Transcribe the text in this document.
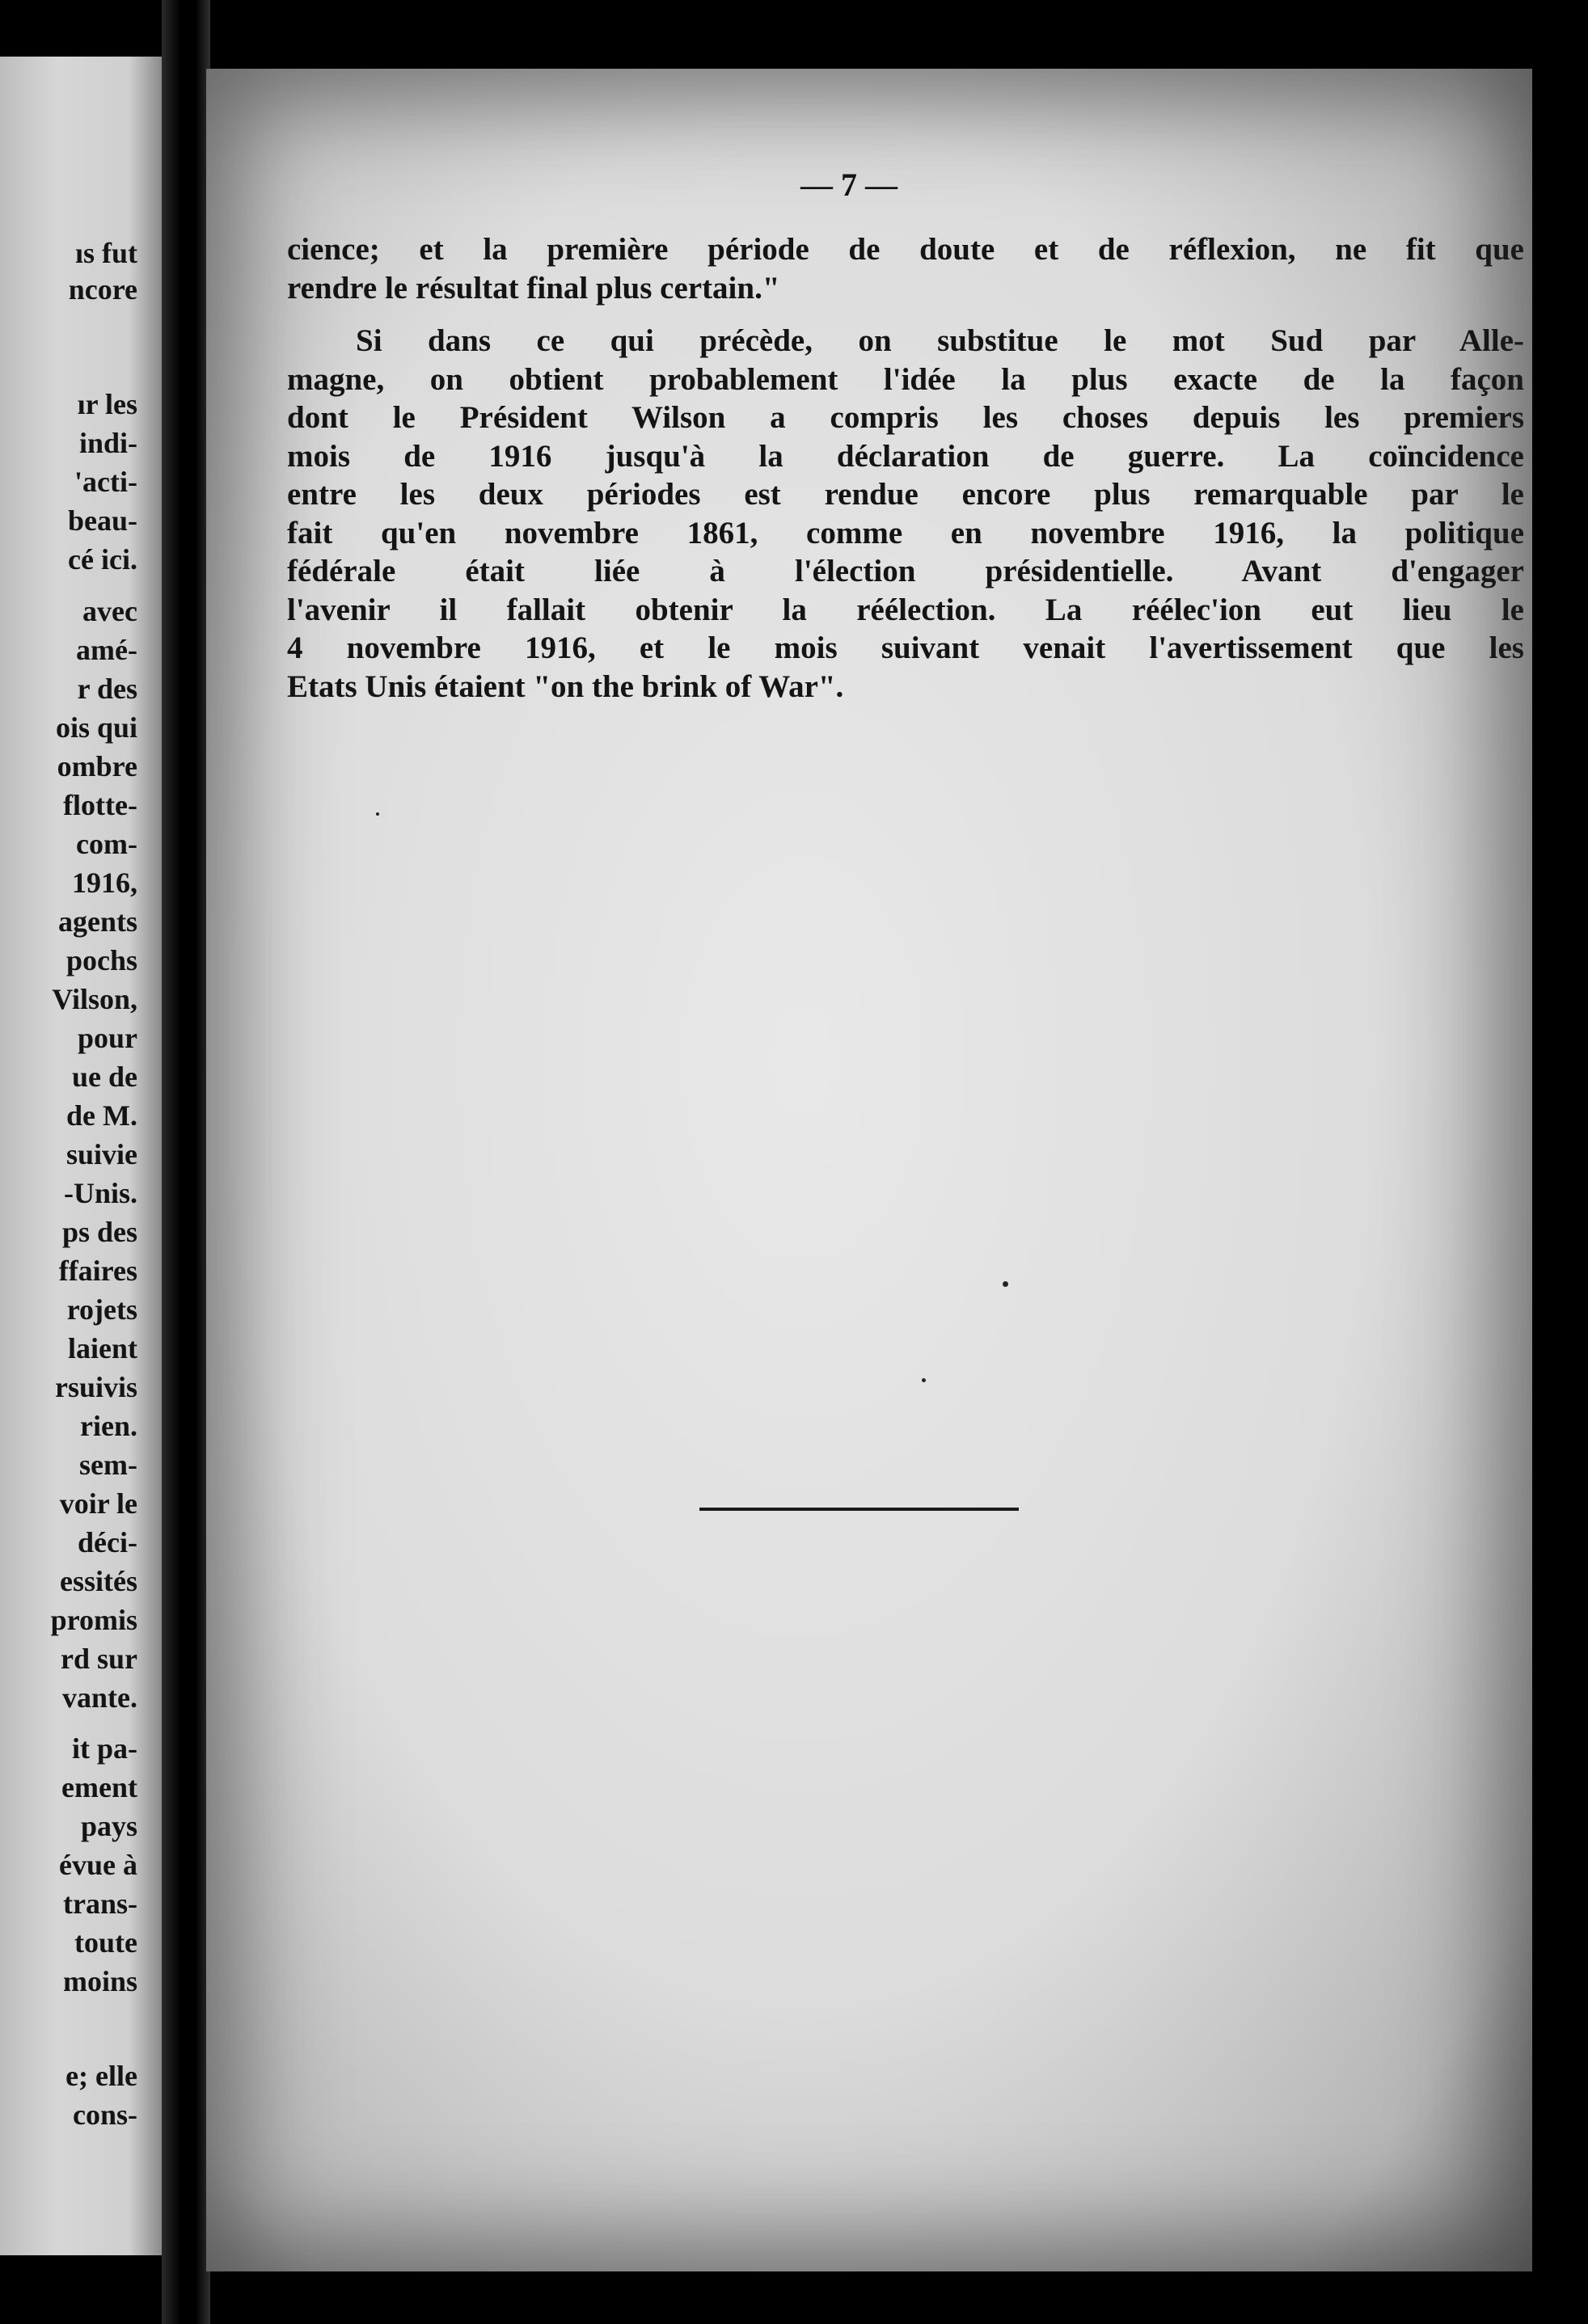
ıs fut
ncore
ır les
indi-
'acti-
beau-
cé ici.
avec
amé-
r des
ois qui
ombre
flotte-
com-
1916,
agents
pochs
Vilson,
pour
ue de
de M.
suivie
-Unis.
ps des
ffaires
rojets
laient
rsuivis
rien.
sem-
voir le
déci-
essités
promis
rd sur
vante.
it pa-
ement
pays
évue à
trans-
toute
moins
e; elle
cons-
— 7 —
cience; et la première période de doute et de réflexion, ne fit que
rendre le résultat final plus certain."
Si dans ce qui précède, on substitue le mot Sud par Alle-
magne, on obtient probablement l'idée la plus exacte de la façon
dont le Président Wilson a compris les choses depuis les premiers
mois de 1916 jusqu'à la déclaration de guerre. La coïncidence
entre les deux périodes est rendue encore plus remarquable par le
fait qu'en novembre 1861, comme en novembre 1916, la politique
fédérale était liée à l'élection présidentielle. Avant d'engager
l'avenir il fallait obtenir la réélection. La réélec'ion eut lieu le
4 novembre 1916, et le mois suivant venait l'avertissement que les
Etats Unis étaient "on the brink of War".
